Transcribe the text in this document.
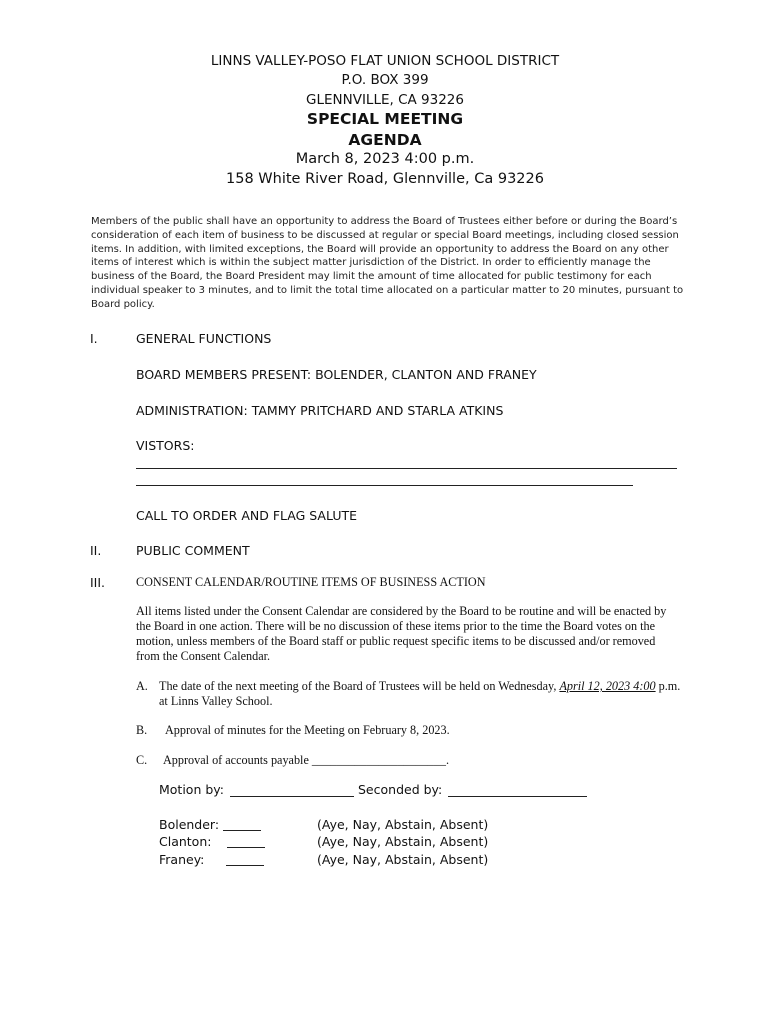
LINNS VALLEY-POSO FLAT UNION SCHOOL DISTRICT
P.O. BOX 399
GLENNVILLE, CA 93226
SPECIAL MEETING
AGENDA
March 8, 2023 4:00 p.m.
158 White River Road, Glennville, Ca 93226
Members of the public shall have an opportunity to address the Board of Trustees either before or during the Board’s consideration of each item of business to be discussed at regular or special Board meetings, including closed session items. In addition, with limited exceptions, the Board will provide an opportunity to address the Board on any other items of interest which is within the subject matter jurisdiction of the District. In order to efficiently manage the business of the Board, the Board President may limit the amount of time allocated for public testimony for each individual speaker to 3 minutes, and to limit the total time allocated on a particular matter to 20 minutes, pursuant to Board policy.
I.	GENERAL FUNCTIONS
BOARD MEMBERS PRESENT: BOLENDER, CLANTON AND FRANEY
ADMINISTRATION: TAMMY PRITCHARD AND STARLA ATKINS
VISTORS:
CALL TO ORDER AND FLAG SALUTE
II.	PUBLIC COMMENT
III.	CONSENT CALENDAR/ROUTINE ITEMS OF BUSINESS ACTION
All items listed under the Consent Calendar are considered by the Board to be routine and will be enacted by the Board in one action. There will be no discussion of these items prior to the time the Board votes on the motion, unless members of the Board staff or public request specific items to be discussed and/or removed from the Consent Calendar.
A. The date of the next meeting of the Board of Trustees will be held on Wednesday, April 12, 2023 4:00 p.m. at Linns Valley School.
B. Approval of minutes for the Meeting on February 8, 2023.
C. Approval of accounts payable ______________________.
Motion by:	Seconded by:
Bolender:	(Aye, Nay, Abstain, Absent)
Clanton:	(Aye, Nay, Abstain, Absent)
Franey:	(Aye, Nay, Abstain, Absent)
